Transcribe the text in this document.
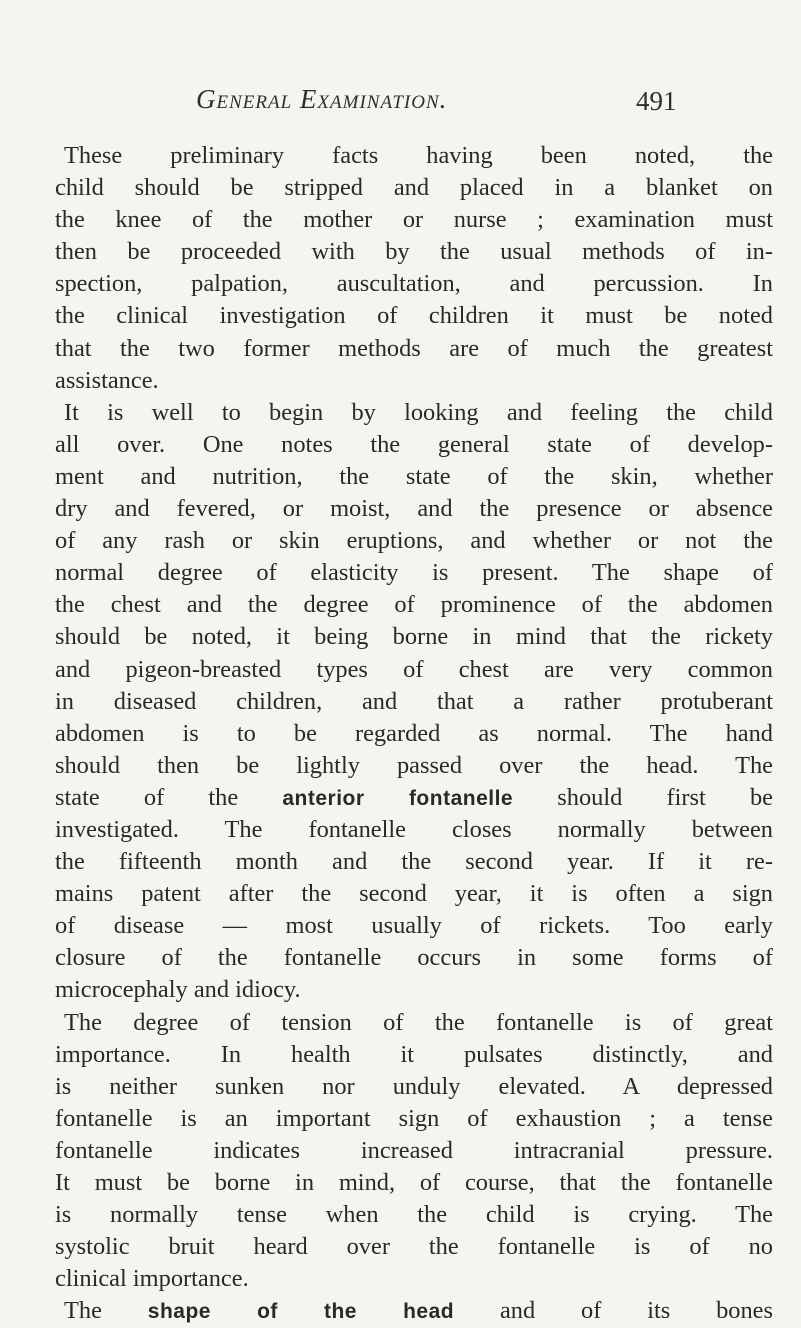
General Examination.	491
These preliminary facts having been noted, the
child should be stripped and placed in a blanket on
the knee of the mother or nurse ; examination must
then be proceeded with by the usual methods of in-
spection, palpation, auscultation, and percussion. In
the clinical investigation of children it must be noted
that the two former methods are of much the greatest
assistance.
It is well to begin by looking and feeling the child
all over. One notes the general state of develop-
ment and nutrition, the state of the skin, whether
dry and fevered, or moist, and the presence or absence
of any rash or skin eruptions, and whether or not the
normal degree of elasticity is present. The shape of
the chest and the degree of prominence of the abdomen
should be noted, it being borne in mind that the rickety
and pigeon-breasted types of chest are very common
in diseased children, and that a rather protuberant
abdomen is to be regarded as normal. The hand
should then be lightly passed over the head. The
state of the anterior fontanelle should first be
investigated. The fontanelle closes normally between
the fifteenth month and the second year. If it re-
mains patent after the second year, it is often a sign
of disease — most usually of rickets. Too early
closure of the fontanelle occurs in some forms of
microcephaly and idiocy.
The degree of tension of the fontanelle is of great
importance. In health it pulsates distinctly, and
is neither sunken nor unduly elevated. A depressed
fontanelle is an important sign of exhaustion ; a tense
fontanelle indicates increased intracranial pressure.
It must be borne in mind, of course, that the fontanelle
is normally tense when the child is crying. The
systolic bruit heard over the fontanelle is of no
clinical importance.
The shape of the head and of its bones
